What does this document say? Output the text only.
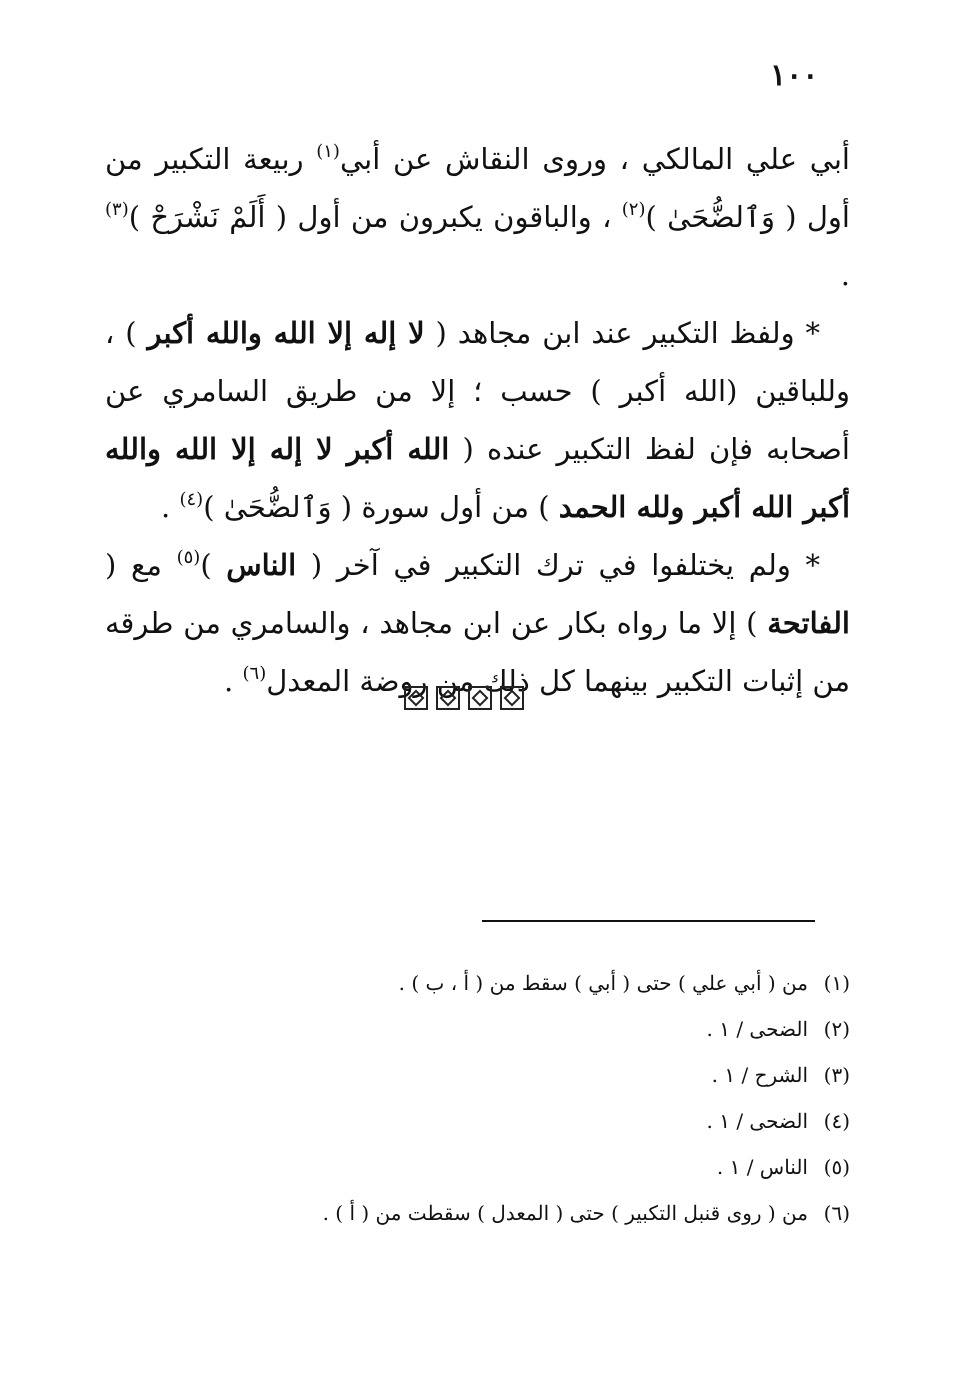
١٠٠

أبي علي المالكي ، وروى النقاش عن أبي$^{(١)}$ ربيعة التكبير من أول ( وَٱلضُّحَىٰ )$^{(٢)}$ ، والباقون يكبرون من أول ( أَلَمْ نَشْرَحْ )$^{(٣)}$ .

* ولفظ التكبير عند ابن مجاهد ( لا إله إلا الله والله أكبر ) ، وللباقين (الله أكبر ) حسب ؛ إلا من طريق السامري عن أصحابه فإن لفظ التكبير عنده ( الله أكبر لا إله إلا الله والله أكبر الله أكبر ولله الحمد ) من أول سورة ( وَٱلضُّحَىٰ )$^{(٤)}$ .

* ولم يختلفوا في ترك التكبير في آخر ( الناس )$^{(٥)}$ مع ( الفاتحة ) إلا ما رواه بكار عن ابن مجاهد ، والسامري من طرقه من إثبات التكبير بينهما كل ذلك من روضة المعدل$^{(٦)}$ .

(١)من ( أبي علي ) حتى ( أبي ) سقط من ( أ ، ب ) .
(٢)الضحى / ١ .
(٣)الشرح / ١ .
(٤)الضحى / ١ .
(٥)الناس / ١ .
(٦)من ( روى قنبل التكبير ) حتى ( المعدل ) سقطت من ( أ ) .
